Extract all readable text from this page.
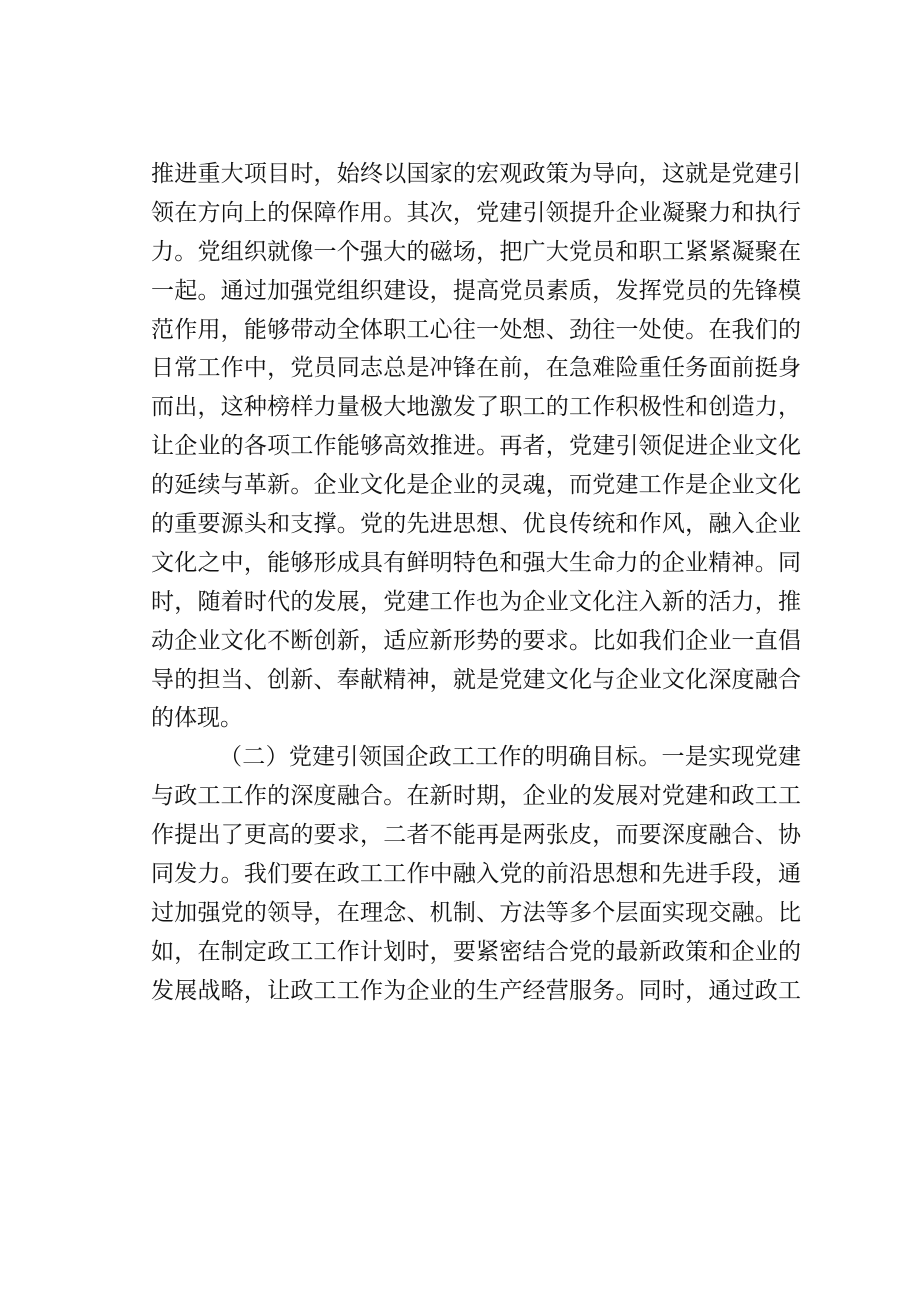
推进重大项目时，始终以国家的宏观政策为导向，这就是党建引
领在方向上的保障作用。其次，党建引领提升企业凝聚力和执行
力。党组织就像一个强大的磁场，把广大党员和职工紧紧凝聚在
一起。通过加强党组织建设，提高党员素质，发挥党员的先锋模
范作用，能够带动全体职工心往一处想、劲往一处使。在我们的
日常工作中，党员同志总是冲锋在前，在急难险重任务面前挺身
而出，这种榜样力量极大地激发了职工的工作积极性和创造力，
让企业的各项工作能够高效推进。再者，党建引领促进企业文化
的延续与革新。企业文化是企业的灵魂，而党建工作是企业文化
的重要源头和支撑。党的先进思想、优良传统和作风，融入企业
文化之中，能够形成具有鲜明特色和强大生命力的企业精神。同
时，随着时代的发展，党建工作也为企业文化注入新的活力，推
动企业文化不断创新，适应新形势的要求。比如我们企业一直倡
导的担当、创新、奉献精神，就是党建文化与企业文化深度融合
的体现。
（二）党建引领国企政工工作的明确目标。一是实现党建
与政工工作的深度融合。在新时期，企业的发展对党建和政工工
作提出了更高的要求，二者不能再是两张皮，而要深度融合、协
同发力。我们要在政工工作中融入党的前沿思想和先进手段，通
过加强党的领导，在理念、机制、方法等多个层面实现交融。比
如，在制定政工工作计划时，要紧密结合党的最新政策和企业的
发展战略，让政工工作为企业的生产经营服务。同时，通过政工
